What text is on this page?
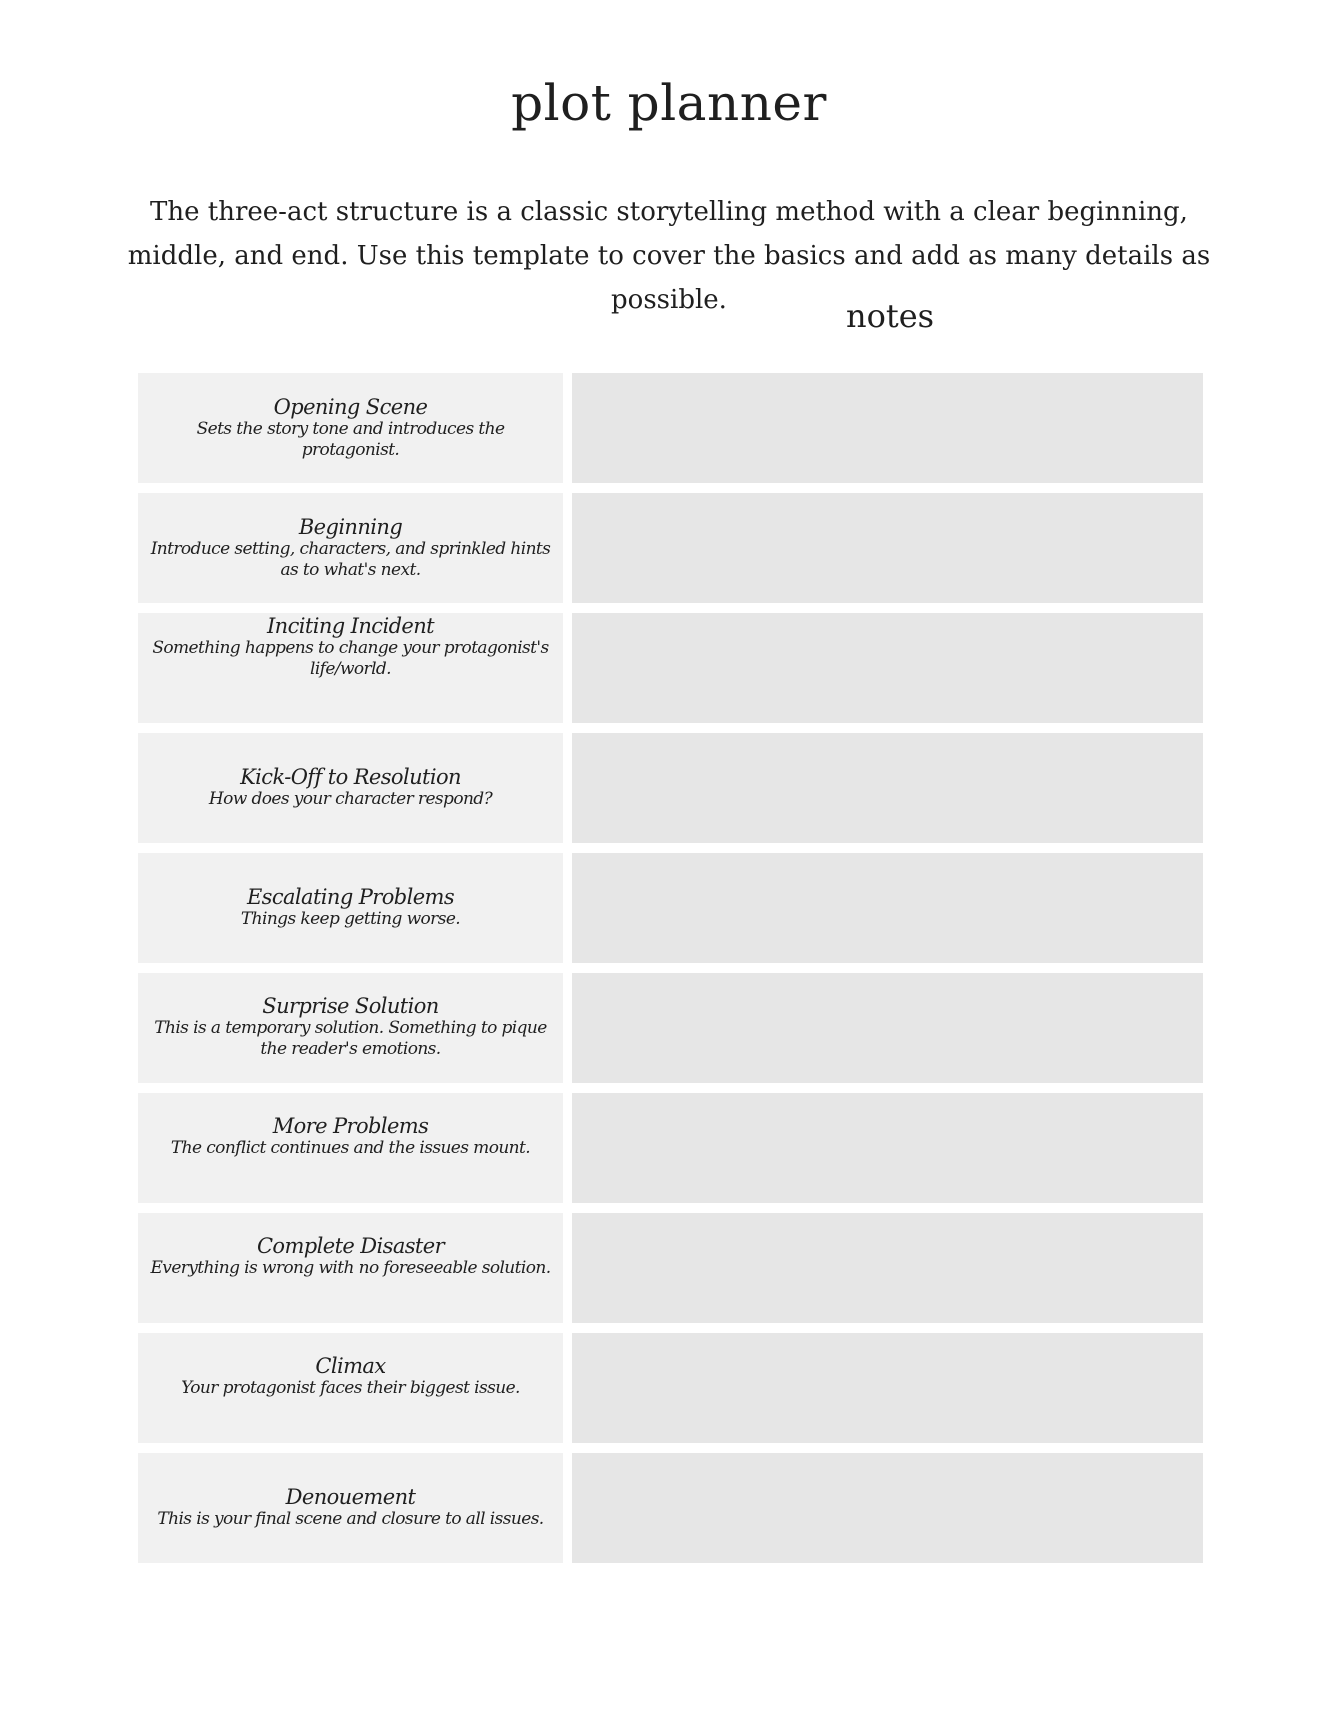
plot planner

The three-act structure is a classic storytelling method with a clear beginning, middle, and end. Use this template to cover the basics and add as many details as possible.	notes
Opening Scene
Sets the story tone and introduces the protagonist.
Beginning
Introduce setting, characters, and sprinkled hints as to what's next.
Inciting Incident
Something happens to change your protagonist's life/world.
Kick-Off to Resolution
How does your character respond?
Escalating Problems
Things keep getting worse.
Surprise Solution
This is a temporary solution. Something to pique the reader's emotions.
More Problems
The conflict continues and the issues mount.
Complete Disaster
Everything is wrong with no foreseeable solution.
Climax
Your protagonist faces their biggest issue.
Denouement
This is your final scene and closure to all issues.
